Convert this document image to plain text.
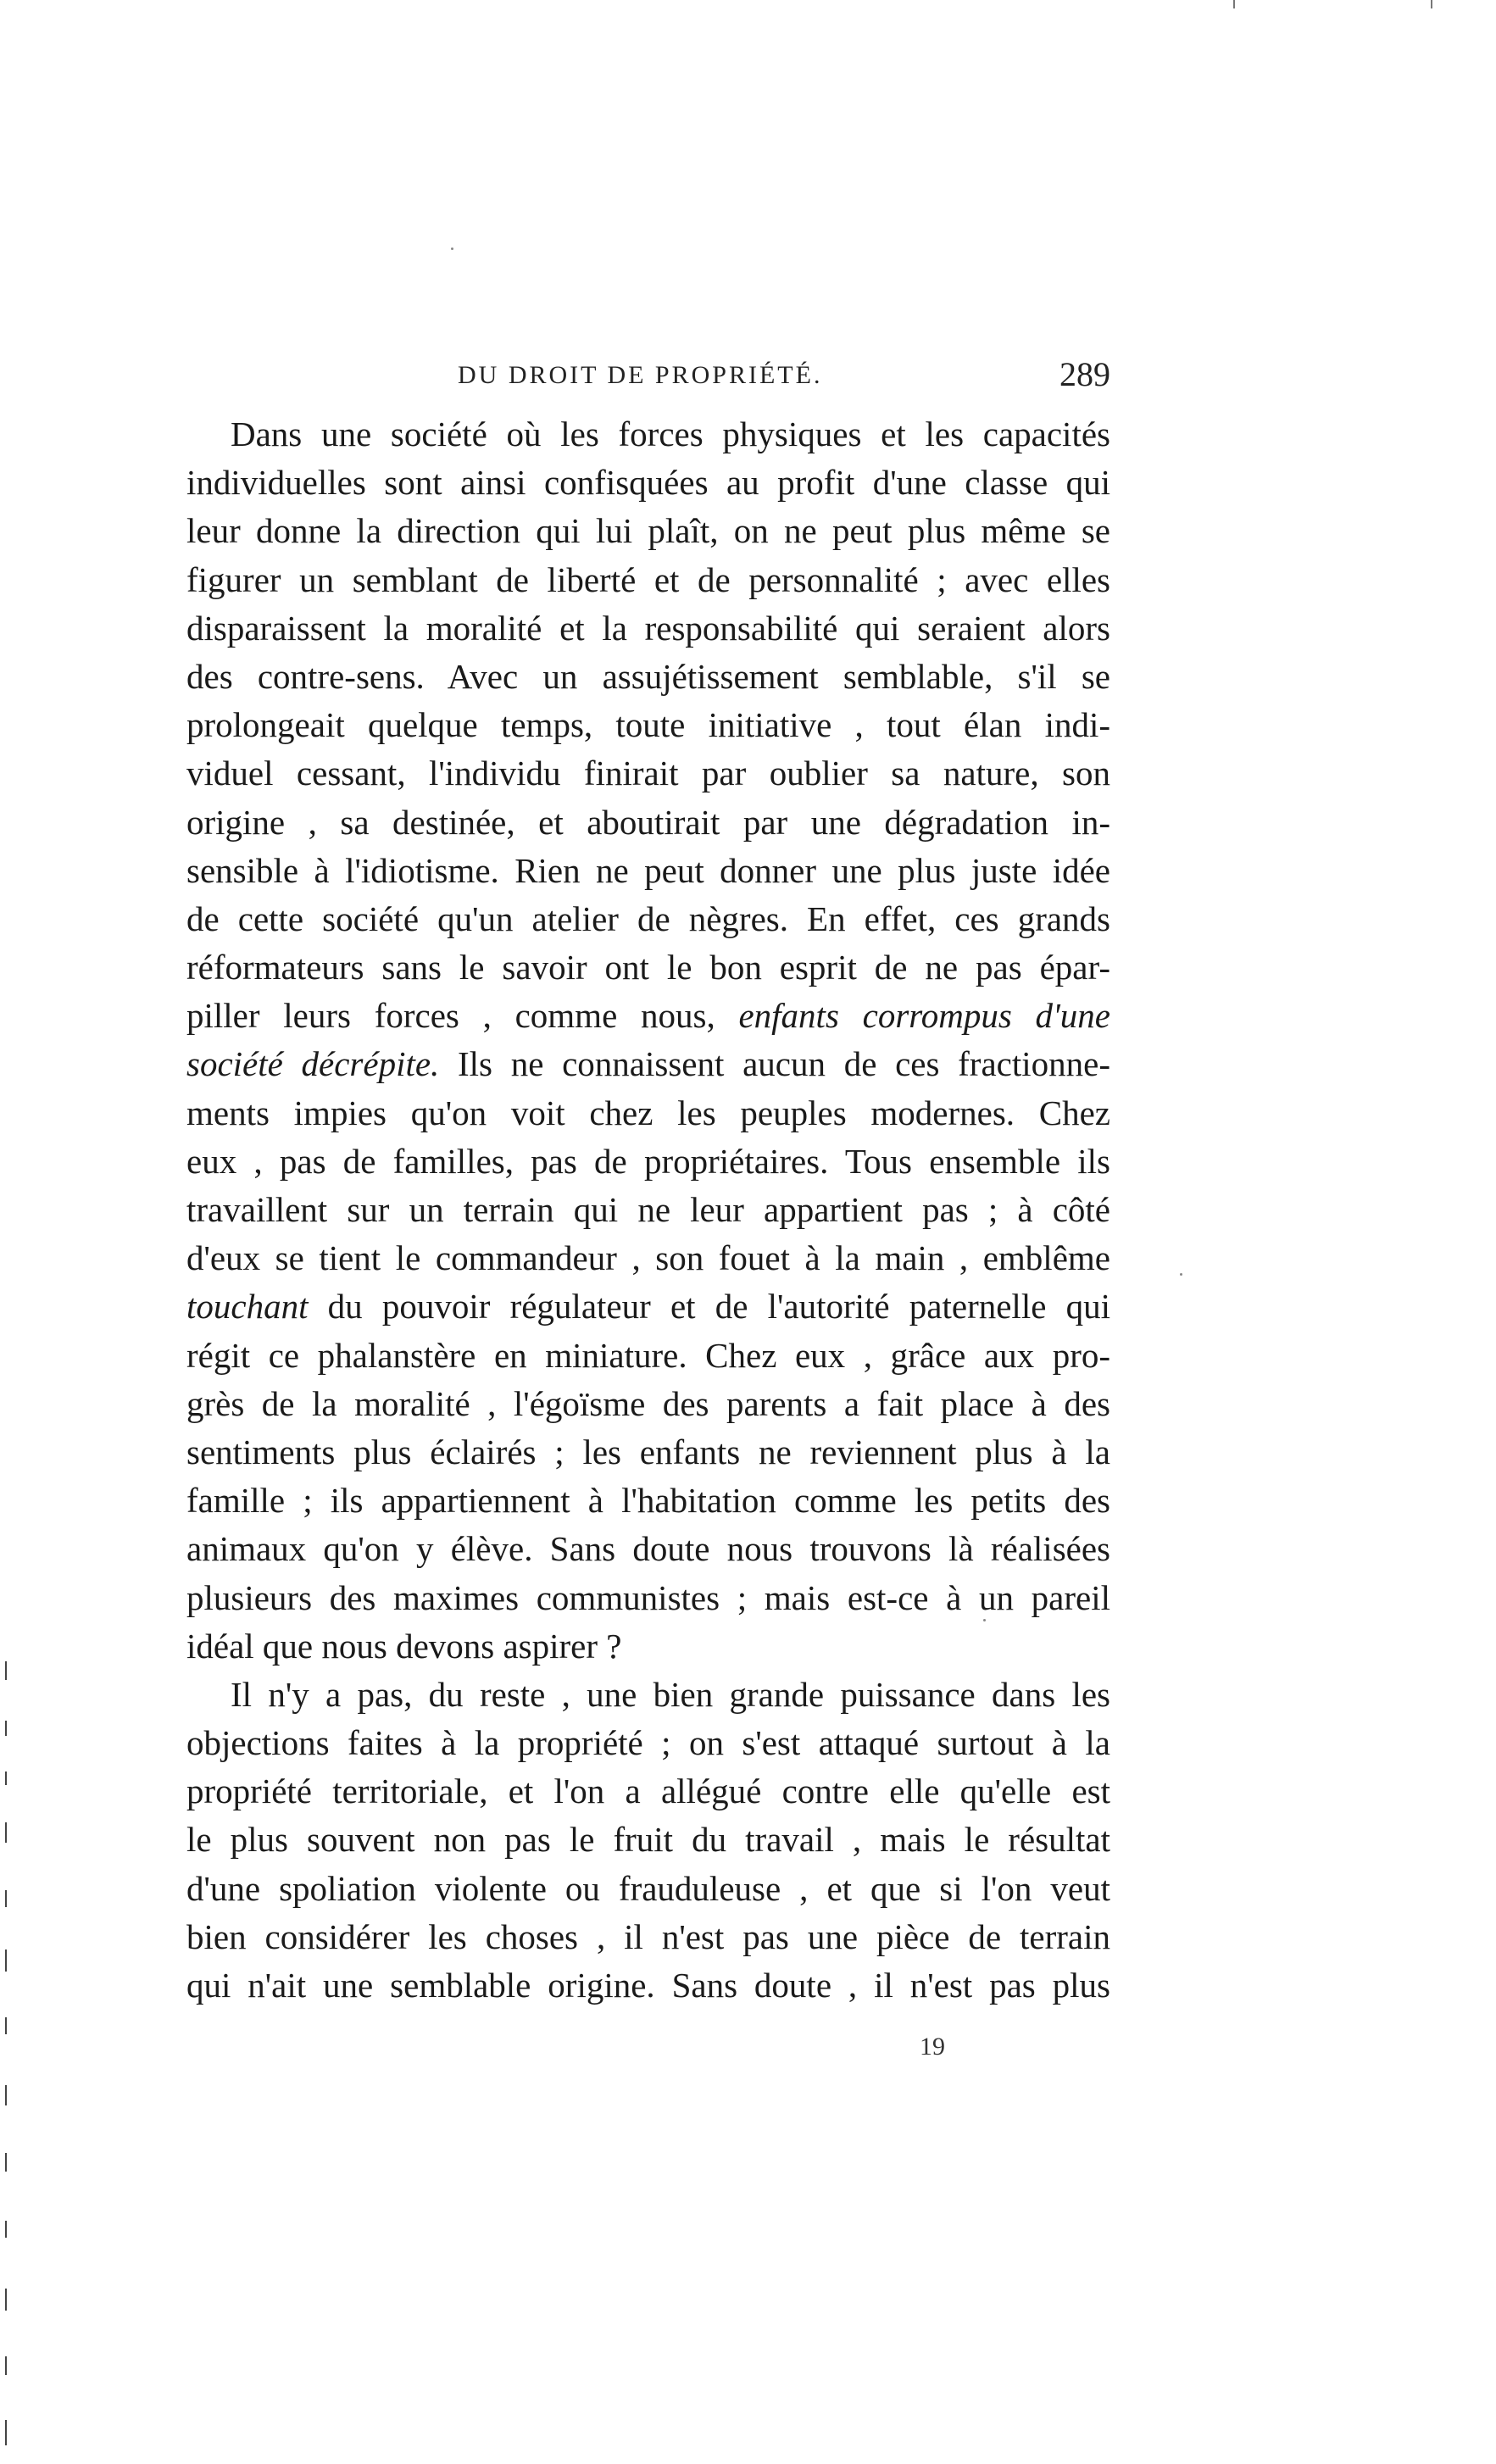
DU DROIT DE PROPRIÉTÉ.	289
Dans une société où les forces physiques et les capacités
individuelles sont ainsi confisquées au profit d'une classe qui
leur donne la direction qui lui plaît, on ne peut plus même se
figurer un semblant de liberté et de personnalité ; avec elles
disparaissent la moralité et la responsabilité qui seraient alors
des contre-sens. Avec un assujétissement semblable, s'il se
prolongeait quelque temps, toute initiative , tout élan indi-
viduel cessant, l'individu finirait par oublier sa nature, son
origine , sa destinée, et aboutirait par une dégradation in-
sensible à l'idiotisme. Rien ne peut donner une plus juste idée
de cette société qu'un atelier de nègres. En effet, ces grands
réformateurs sans le savoir ont le bon esprit de ne pas épar-
piller leurs forces , comme nous, enfants corrompus d'une
société décrépite. Ils ne connaissent aucun de ces fractionne-
ments impies qu'on voit chez les peuples modernes. Chez
eux , pas de familles, pas de propriétaires. Tous ensemble ils
travaillent sur un terrain qui ne leur appartient pas ; à côté
d'eux se tient le commandeur , son fouet à la main , emblême
touchant du pouvoir régulateur et de l'autorité paternelle qui
régit ce phalanstère en miniature. Chez eux , grâce aux pro-
grès de la moralité , l'égoïsme des parents a fait place à des
sentiments plus éclairés ; les enfants ne reviennent plus à la
famille ; ils appartiennent à l'habitation comme les petits des
animaux qu'on y élève. Sans doute nous trouvons là réalisées
plusieurs des maximes communistes ; mais est-ce à un pareil
idéal que nous devons aspirer ?
Il n'y a pas, du reste , une bien grande puissance dans les
objections faites à la propriété ; on s'est attaqué surtout à la
propriété territoriale, et l'on a allégué contre elle qu'elle est
le plus souvent non pas le fruit du travail , mais le résultat
d'une spoliation violente ou frauduleuse , et que si l'on veut
bien considérer les choses , il n'est pas une pièce de terrain
qui n'ait une semblable origine. Sans doute , il n'est pas plus
19
